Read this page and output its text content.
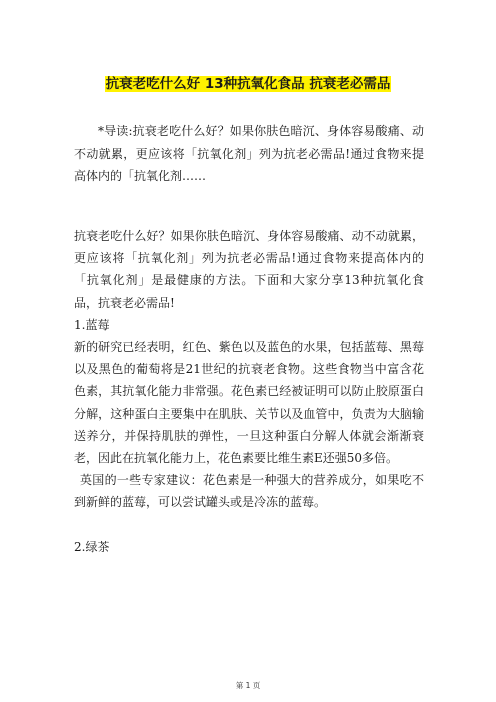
抗衰老吃什么好 13种抗氧化食品 抗衰老必需品
*导读:抗衰老吃什么好？如果你肤色暗沉、身体容易酸痛、动不动就累，更应该将「抗氧化剂」列为抗老必需品!通过食物来提高体内的「抗氧化剂……

抗衰老吃什么好？如果你肤色暗沉、身体容易酸痛、动不动就累，更应该将「抗氧化剂」列为抗老必需品!通过食物来提高体内的「抗氧化剂」是最健康的方法。下面和大家分享13种抗氧化食品，抗衰老必需品!

1.蓝莓

新的研究已经表明，红色、紫色以及蓝色的水果，包括蓝莓、黑莓以及黑色的葡萄将是21世纪的抗衰老食物。这些食物当中富含花色素，其抗氧化能力非常强。花色素已经被证明可以防止胶原蛋白分解，这种蛋白主要集中在肌肤、关节以及血管中，负责为大脑输送养分，并保持肌肤的弹性，一旦这种蛋白分解人体就会渐渐衰老，因此在抗氧化能力上，花色素要比维生素E还强50多倍。

英国的一些专家建议：花色素是一种强大的营养成分，如果吃不到新鲜的蓝莓，可以尝试罐头或是冷冻的蓝莓。

2.绿茶

第 1 页
